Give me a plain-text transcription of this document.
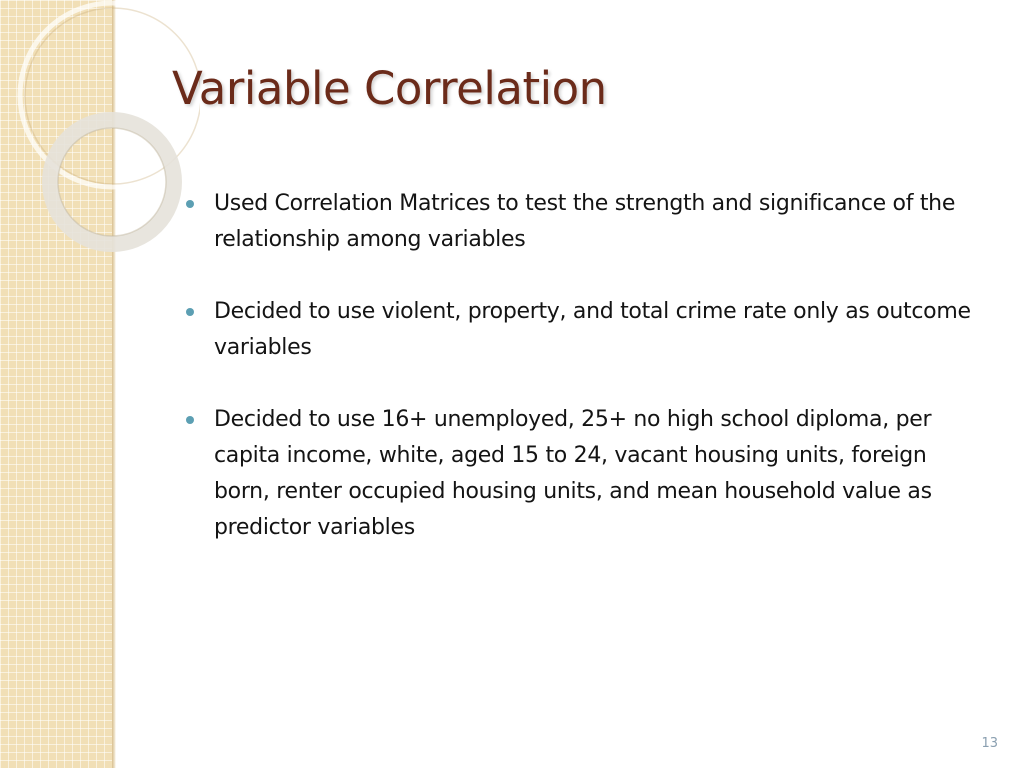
Variable Correlation
Used Correlation Matrices to test the strength and significance of the relationship among variables
Decided to use violent, property, and total crime rate only as outcome variables
Decided to use 16+ unemployed, 25+ no high school diploma, per capita income, white, aged 15 to 24, vacant housing units, foreign born, renter occupied housing units, and mean household value as predictor variables
13
